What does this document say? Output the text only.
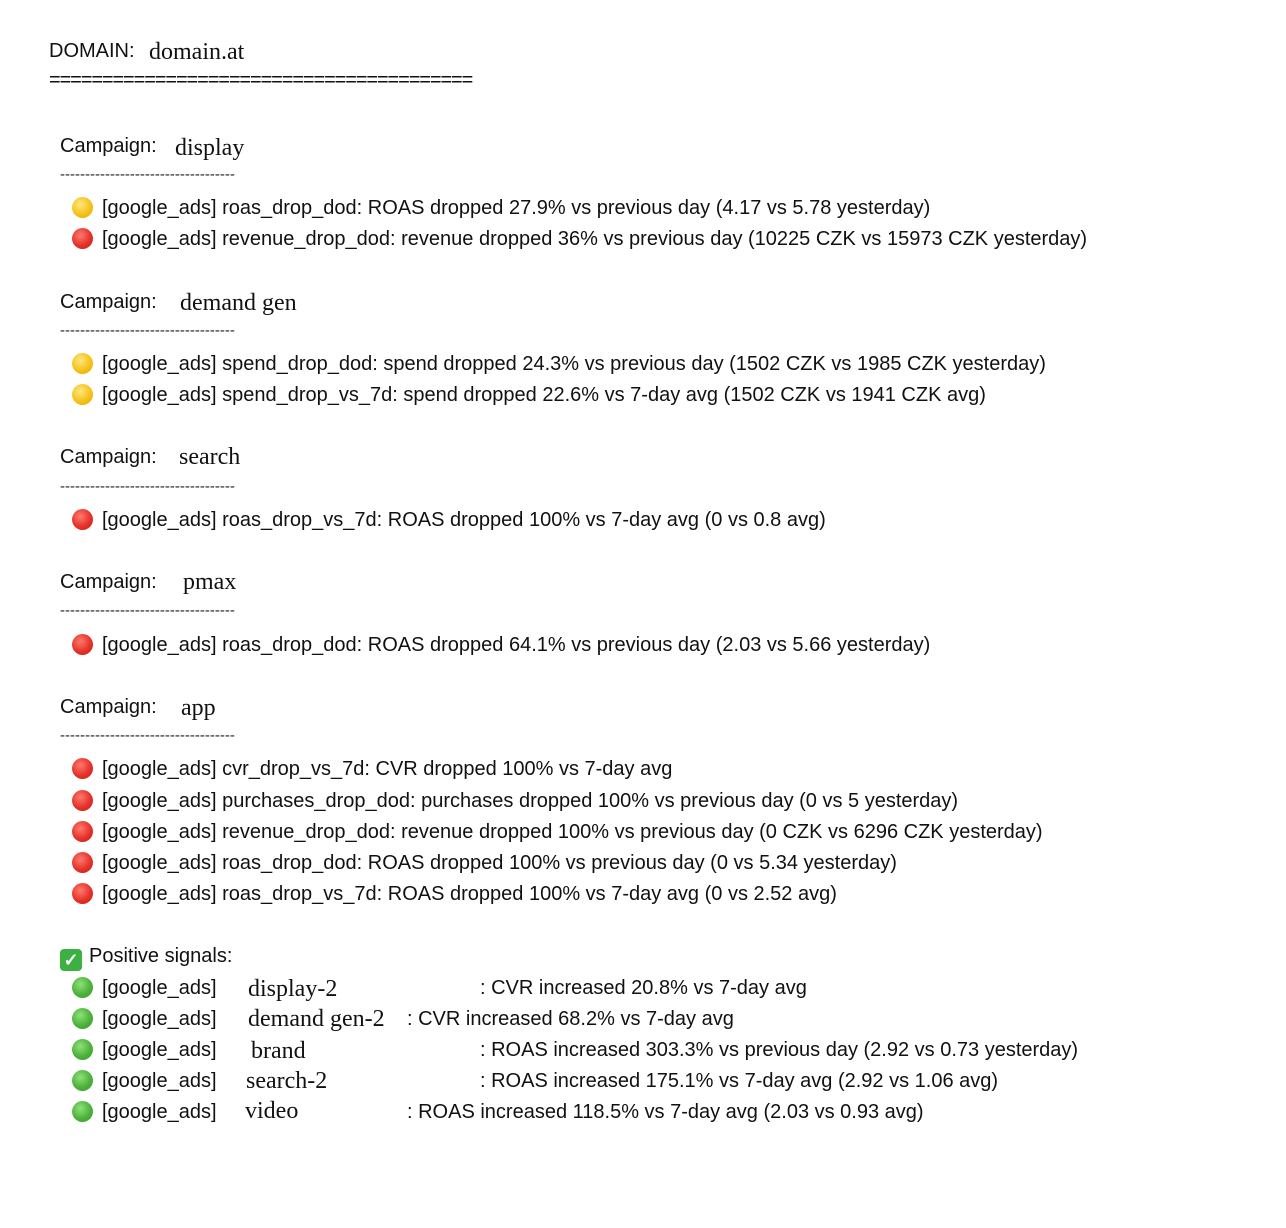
DOMAIN: domain.at
========================================
Campaign: display
-----------------------------------
[google_ads] roas_drop_dod: ROAS dropped 27.9% vs previous day (4.17 vs 5.78 yesterday)
[google_ads] revenue_drop_dod: revenue dropped 36% vs previous day (10225 CZK vs 15973 CZK yesterday)
Campaign: demand gen
-----------------------------------
[google_ads] spend_drop_dod: spend dropped 24.3% vs previous day (1502 CZK vs 1985 CZK yesterday)
[google_ads] spend_drop_vs_7d: spend dropped 22.6% vs 7-day avg (1502 CZK vs 1941 CZK avg)
Campaign: search
-----------------------------------
[google_ads] roas_drop_vs_7d: ROAS dropped 100% vs 7-day avg (0 vs 0.8 avg)
Campaign: pmax
-----------------------------------
[google_ads] roas_drop_dod: ROAS dropped 64.1% vs previous day (2.03 vs 5.66 yesterday)
Campaign: app
-----------------------------------
[google_ads] cvr_drop_vs_7d: CVR dropped 100% vs 7-day avg
[google_ads] purchases_drop_dod: purchases dropped 100% vs previous day (0 vs 5 yesterday)
[google_ads] revenue_drop_dod: revenue dropped 100% vs previous day (0 CZK vs 6296 CZK yesterday)
[google_ads] roas_drop_dod: ROAS dropped 100% vs previous day (0 vs 5.34 yesterday)
[google_ads] roas_drop_vs_7d: ROAS dropped 100% vs 7-day avg (0 vs 2.52 avg)
✓ Positive signals:
[google_ads] display-2	: CVR increased 20.8% vs 7-day avg
[google_ads] demand gen-2 : CVR increased 68.2% vs 7-day avg
[google_ads] brand	: ROAS increased 303.3% vs previous day (2.92 vs 0.73 yesterday)
[google_ads] search-2	: ROAS increased 175.1% vs 7-day avg (2.92 vs 1.06 avg)
[google_ads] video	: ROAS increased 118.5% vs 7-day avg (2.03 vs 0.93 avg)
